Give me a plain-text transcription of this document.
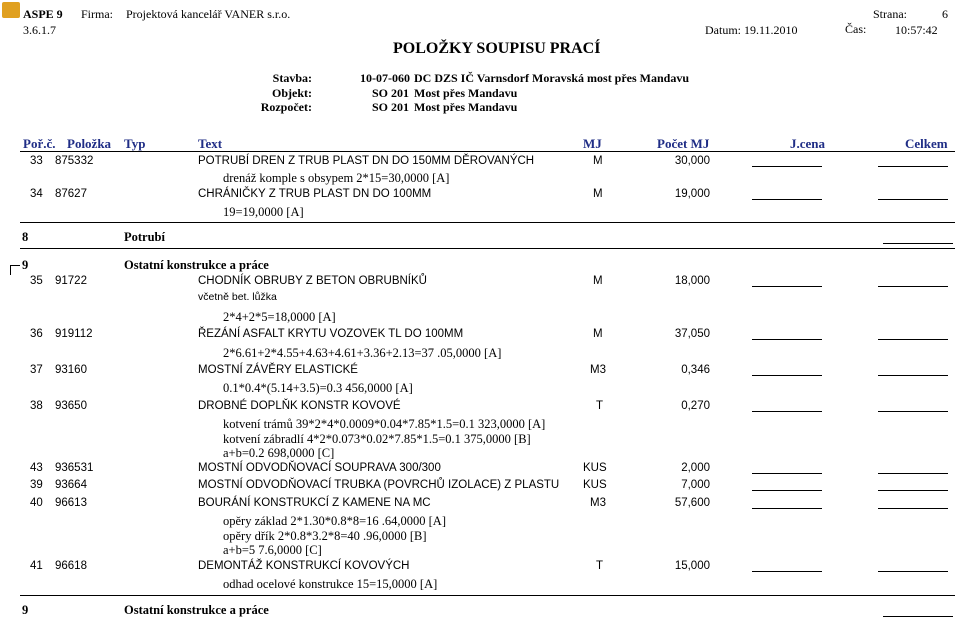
ASPE 9 Firma: Projektová kancelář VANER s.r.o.	Strana:	6
3.6.1.7	Datum: 19.11.2010	Čas: 10:57:42
POLOŽKY SOUPISU PRACÍ
Stavba:	10-07-060 DC DZS IČ Varnsdorf Moravská most přes Mandavu
Objekt:	SO 201 Most přes Mandavu
Rozpočet:	SO 201 Most přes Mandavu
Poř.č. Položka Typ	Text	MJ	Počet MJ	J.cena	Celkem
33 875332	POTRUBÍ DREN Z TRUB PLAST DN DO 150MM DĚROVANÝCH	M	30,000
drenáž komple s obsypem 2*15=30,0000 [A]
34 87627	CHRÁNIČKY Z TRUB PLAST DN DO 100MM	M	19,000
19=19,0000 [A]
8	Potrubí
9	Ostatní konstrukce a práce
35 91722	CHODNÍK OBRUBY Z BETON OBRUBNÍKŮ	M	18,000
včetně bet. lůžka
2*4+2*5=18,0000 [A]
36 919112	ŘEZÁNÍ ASFALT KRYTU VOZOVEK TL DO 100MM	M	37,050
2*6.61+2*4.55+4.63+4.61+3.36+2.13=37 .05,0000 [A]
37 93160	MOSTNÍ ZÁVĚRY ELASTICKÉ	M3	0,346
0.1*0.4*(5.14+3.5)=0.3 456,0000 [A]
38 93650	DROBNÉ DOPLŇK KONSTR KOVOVÉ	T	0,270
kotvení trámů 39*2*4*0.0009*0.04*7.85*1.5=0.1 323,0000 [A]
kotvení zábradlí 4*2*0.073*0.02*7.85*1.5=0.1 375,0000 [B]
a+b=0.2 698,0000 [C]
43 936531	MOSTNÍ ODVODŇOVACÍ SOUPRAVA 300/300	KUS	2,000
39 93664	MOSTNÍ ODVODŇOVACÍ TRUBKA (POVRCHŮ IZOLACE) Z PLASTU KUS	7,000
40 96613	BOURÁNÍ KONSTRUKCÍ Z KAMENE NA MC	M3	57,600
opěry základ 2*1.30*0.8*8=16 .64,0000 [A]
opěry dřík 2*0.8*3.2*8=40 .96,0000 [B]
a+b=5 7.6,0000 [C]
41 96618	DEMONTÁŽ KONSTRUKCÍ KOVOVÝCH	T	15,000
odhad ocelové konstrukce 15=15,0000 [A]
9	Ostatní konstrukce a práce
